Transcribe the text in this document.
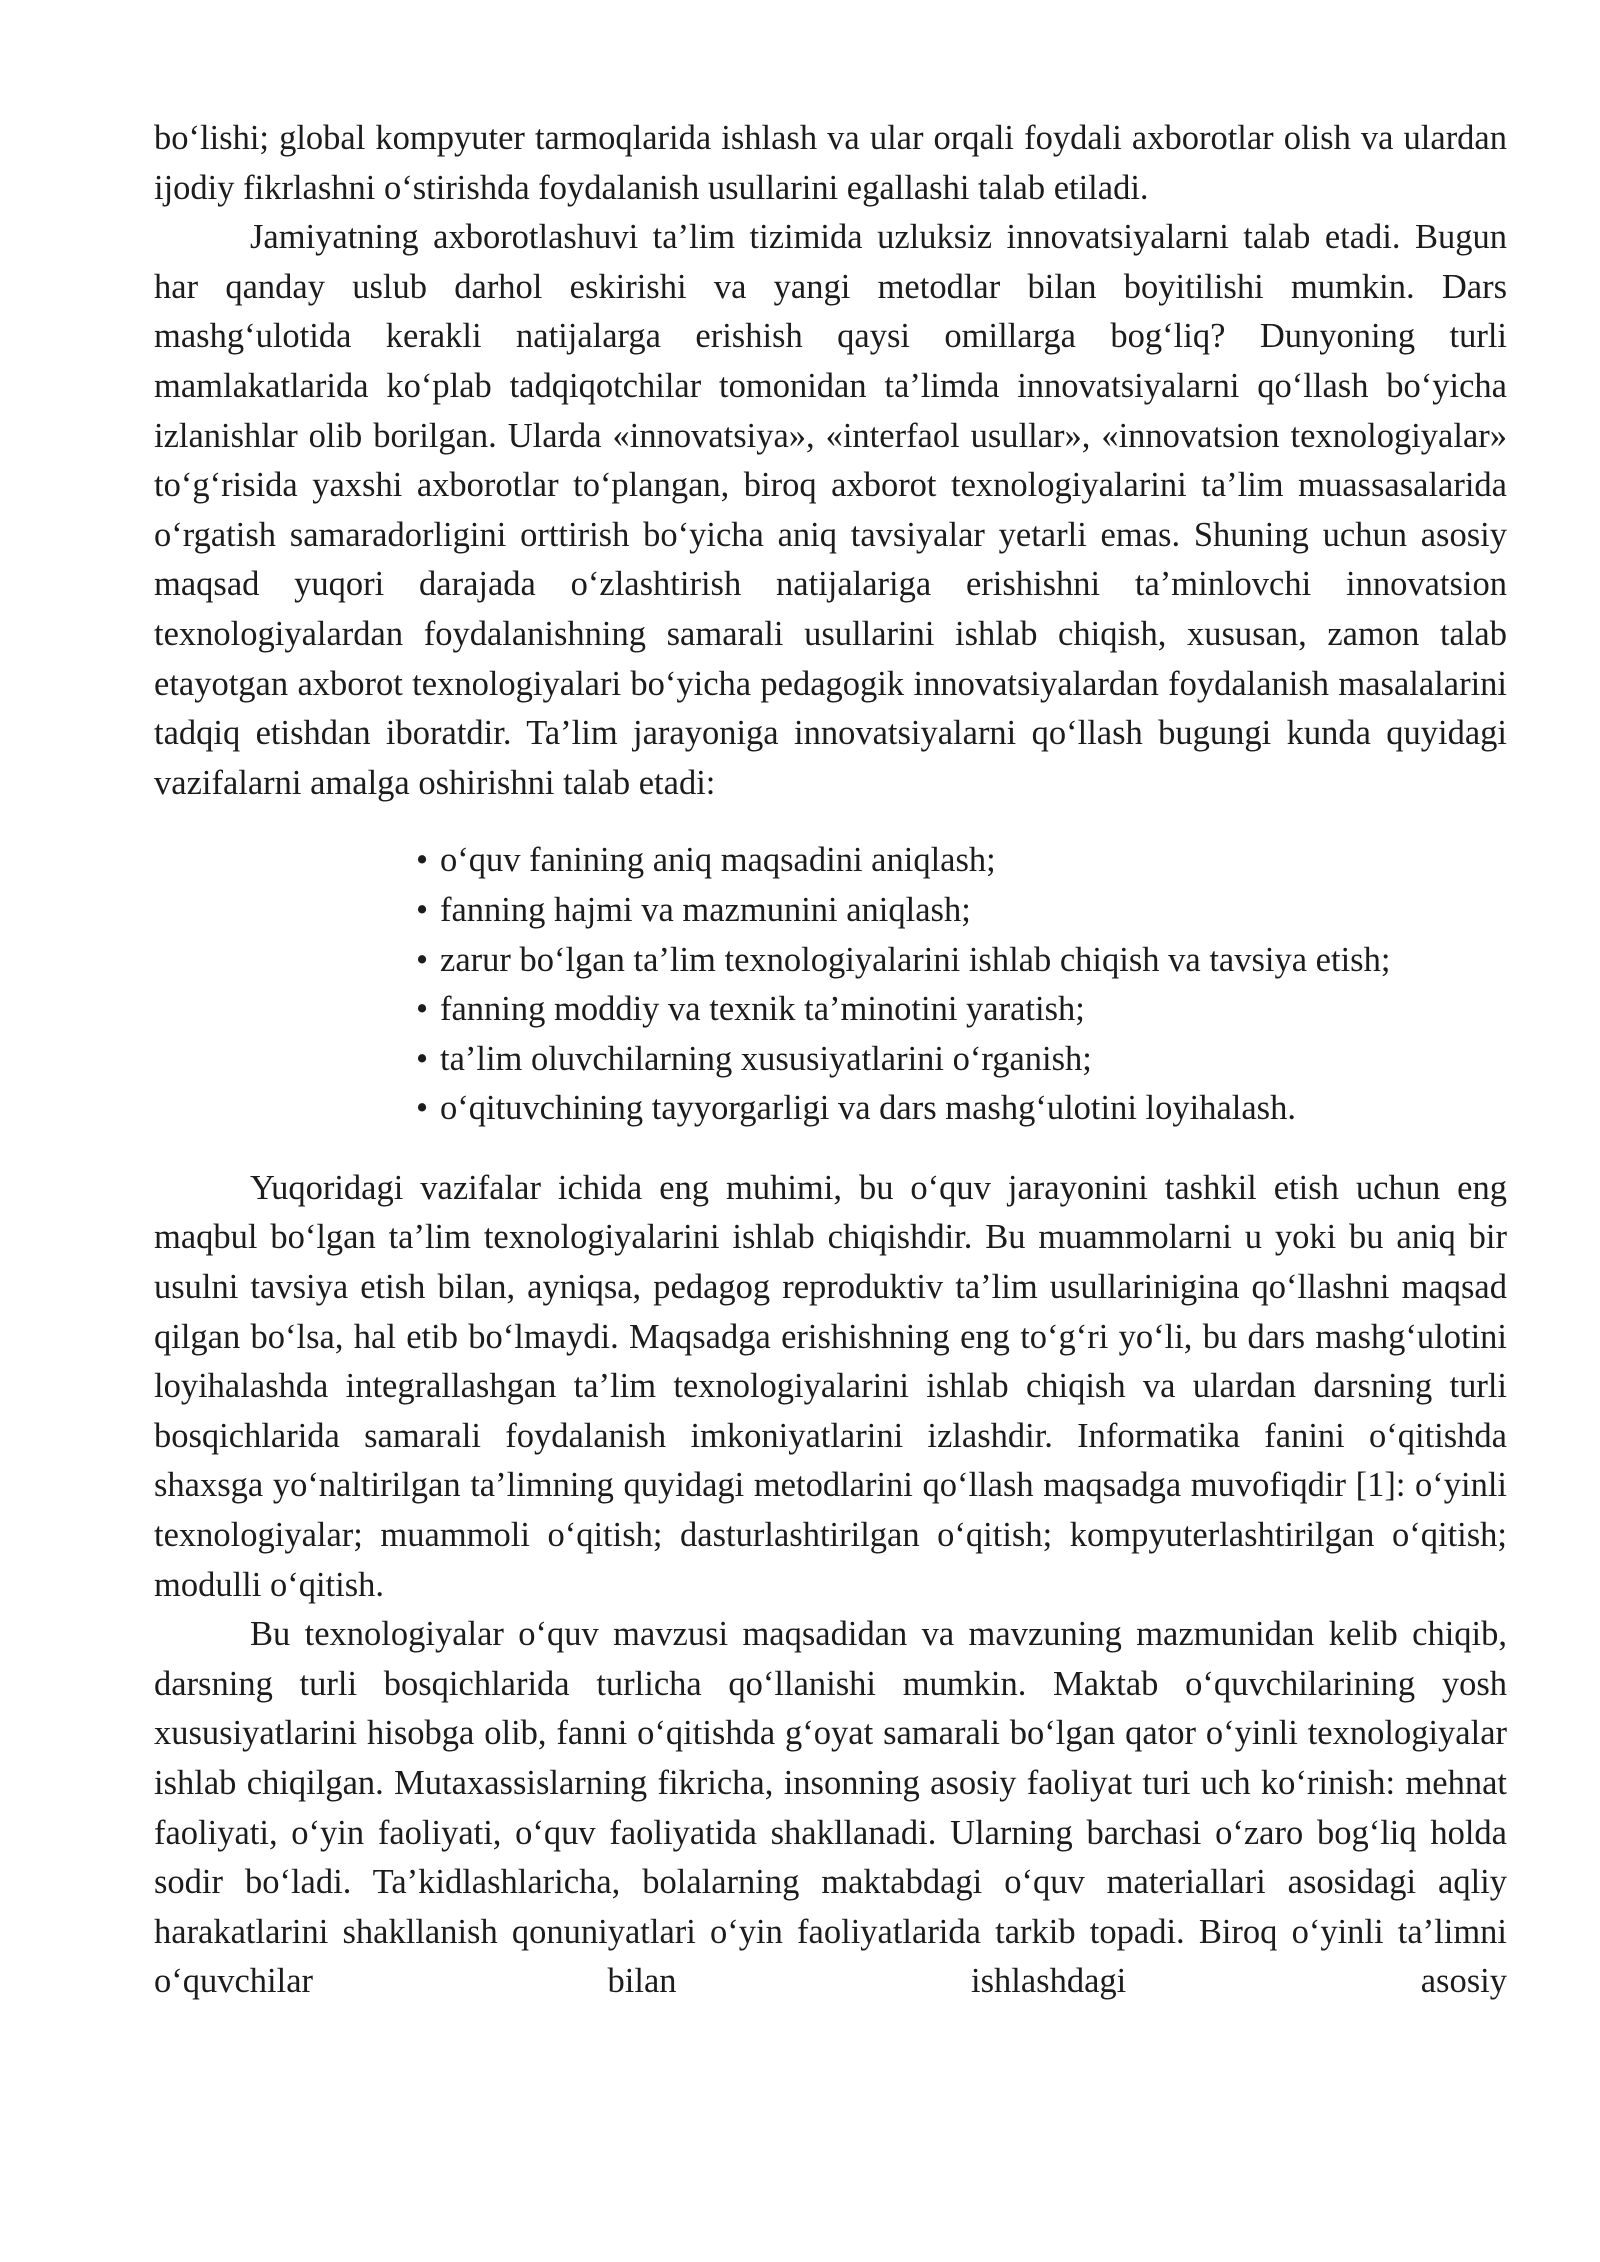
bo‘lishi; global kompyuter tarmoqlarida ishlash va ular orqali foydali axborotlar olish va ulardan ijodiy fikrlashni o‘stirishda foydalanish usullarini egallashi talab etiladi.

Jamiyatning axborotlashuvi ta’lim tizimida uzluksiz innovatsiyalarni talab etadi. Bugun har qanday uslub darhol eskirishi va yangi metodlar bilan boyitilishi mumkin. Dars mashg‘ulotida kerakli natijalarga erishish qaysi omillarga bog‘liq? Dunyoning turli mamlakatlarida ko‘plab tadqiqotchilar tomonidan ta’limda innovatsiyalarni qo‘llash bo‘yicha izlanishlar olib borilgan. Ularda «innovatsiya», «interfaol usullar», «innovatsion texnologiyalar» to‘g‘risida yaxshi axborotlar to‘plangan, biroq axborot texnologiyalarini ta’lim muassasalarida o‘rgatish samaradorligini orttirish bo‘yicha aniq tavsiyalar yetarli emas. Shuning uchun asosiy maqsad yuqori darajada o‘zlashtirish natijalariga erishishni ta’minlovchi innovatsion texnologiyalardan foydalanishning samarali usullarini ishlab chiqish, xususan, zamon talab etayotgan axborot texnologiyalari bo‘yicha pedagogik innovatsiyalardan foydalanish masalalarini tadqiq etishdan iboratdir. Ta’lim jarayoniga innovatsiyalarni qo‘llash bugungi kunda quyidagi vazifalarni amalga oshirishni talab etadi:

• o‘quv fanining aniq maqsadini aniqlash;
• fanning hajmi va mazmunini aniqlash;
• zarur bo‘lgan ta’lim texnologiyalarini ishlab chiqish va tavsiya etish;
• fanning moddiy va texnik ta’minotini yaratish;
• ta’lim oluvchilarning xususiyatlarini o‘rganish;
• o‘qituvchining tayyorgarligi va dars mashg‘ulotini loyihalash.

Yuqoridagi vazifalar ichida eng muhimi, bu o‘quv jarayonini tashkil etish uchun eng maqbul bo‘lgan ta’lim texnologiyalarini ishlab chiqishdir. Bu muammolarni u yoki bu aniq bir usulni tavsiya etish bilan, ayniqsa, pedagog reproduktiv ta’lim usullarinigina qo‘llashni maqsad qilgan bo‘lsa, hal etib bo‘lmaydi. Maqsadga erishishning eng to‘g‘ri yo‘li, bu dars mashg‘ulotini loyihalashda integrallashgan ta’lim texnologiyalarini ishlab chiqish va ulardan darsning turli bosqichlarida samarali foydalanish imkoniyatlarini izlashdir. Informatika fanini o‘qitishda shaxsga yo‘naltirilgan ta’limning quyidagi metodlarini qo‘llash maqsadga muvofiqdir [1]: o‘yinli texnologiyalar; muammoli o‘qitish; dasturlashtirilgan o‘qitish; kompyuterlashtirilgan o‘qitish; modulli o‘qitish.

Bu texnologiyalar o‘quv mavzusi maqsadidan va mavzuning mazmunidan kelib chiqib, darsning turli bosqichlarida turlicha qo‘llanishi mumkin. Maktab o‘quvchilarining yosh xususiyatlarini hisobga olib, fanni o‘qitishda g‘oyat samarali bo‘lgan qator o‘yinli texnologiyalar ishlab chiqilgan. Mutaxassislarning fikricha, insonning asosiy faoliyat turi uch ko‘rinish: mehnat faoliyati, o‘yin faoliyati, o‘quv faoliyatida shakllanadi. Ularning barchasi o‘zaro bog‘liq holda sodir bo‘ladi. Ta’kidlashlaricha, bolalarning maktabdagi o‘quv materiallari asosidagi aqliy harakatlarini shakllanish qonuniyatlari o‘yin faoliyatlarida tarkib topadi. Biroq o‘yinli ta’limni o‘quvchilar bilan ishlashdagi asosiy
